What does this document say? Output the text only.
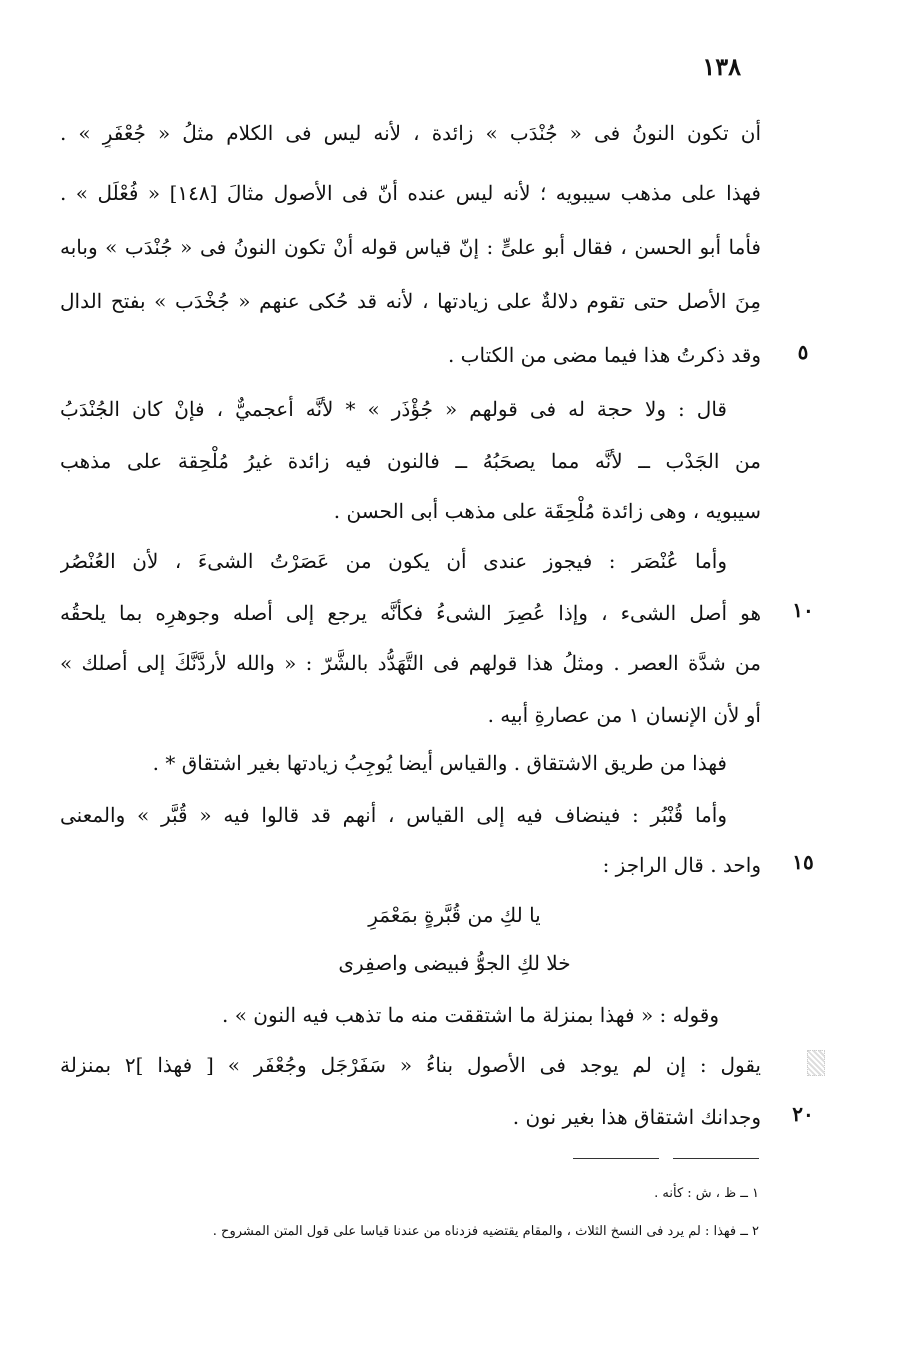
١٣٨
أن تكون النونُ فى « جُنْدَب » زائدة ، لأنه ليس فى الكلام مثلُ « جُعْفَرٍ » .
فهذا على مذهب سيبويه ؛ لأنه ليس عنده أنّ فى الأصول مثالَ [١٤٨] « فُعْلَل » .
فأما أبو الحسن ، فقال أبو علىٍّ : إنّ قياس قوله أنْ تكون النونُ فى « جُنْدَب » وبابه
مِنَ الأصل حتى تقوم دلالةٌ على زيادتها ، لأنه قد حُكى عنهم « جُخْدَب » بفتح الدال
وقد ذكرتُ هذا فيما مضى من الكتاب .	٥
قال : ولا حجة له فى قولهم « جُؤْذَر » * لأنَّه أعجميٌّ ، فإنْ كان الجُنْدَبُ
من الجَدْب ــ لأنَّه مما يصحَبُهُ ــ فالنون فيه زائدة غيرُ مُلْحِقة على مذهب
سيبويه ، وهى زائدة مُلْحِقَة على مذهب أبى الحسن .
وأما عُنْصَر : فيجوز عندى أن يكون من عَصَرْتُ الشىءَ ، لأن العُنْصُر
هو أصل الشىء ، وإذا عُصِرَ الشىءُ فكأنَّه يرجع إلى أصله وجوهرِه بما يلحقُه	١٠
من شدَّة العصر . ومثلُ هذا قولهم فى التَّهَدُّد بالشَّرّ : « والله لأردَّنَّكَ إلى أصلك »
أو لأن الإنسان ١ من عصارةِ أبيه .
فهذا من طريق الاشتقاق . والقياس أيضا يُوجِبُ زيادتها بغير اشتقاق * .
وأما قُنْبُر : فينضاف فيه إلى القياس ، أنهم قد قالوا فيه « قُبَّر » والمعنى
واحد . قال الراجز :	١٥
يا لكِ من قُبَّرةٍ بمَعْمَرِ
خلا لكِ الجوُّ فبيضى واصفِرى
وقوله : « فهذا بمنزلة ما اشتققت منه ما تذهب فيه النون » .
يقول : إن لم يوجد فى الأصول بناءُ « سَفَرْجَل وجُعْفَر » [ فهذا ]٢ بمنزلة
وجدانك اشتقاق هذا بغير نون .	٢٠
١ ــ ظ ، ش : كأنه .
٢ ــ فهذا : لم يرد فى النسخ الثلاث ، والمقام يقتضيه فزدناه من عندنا قياسا على قول المتن المشروح .
